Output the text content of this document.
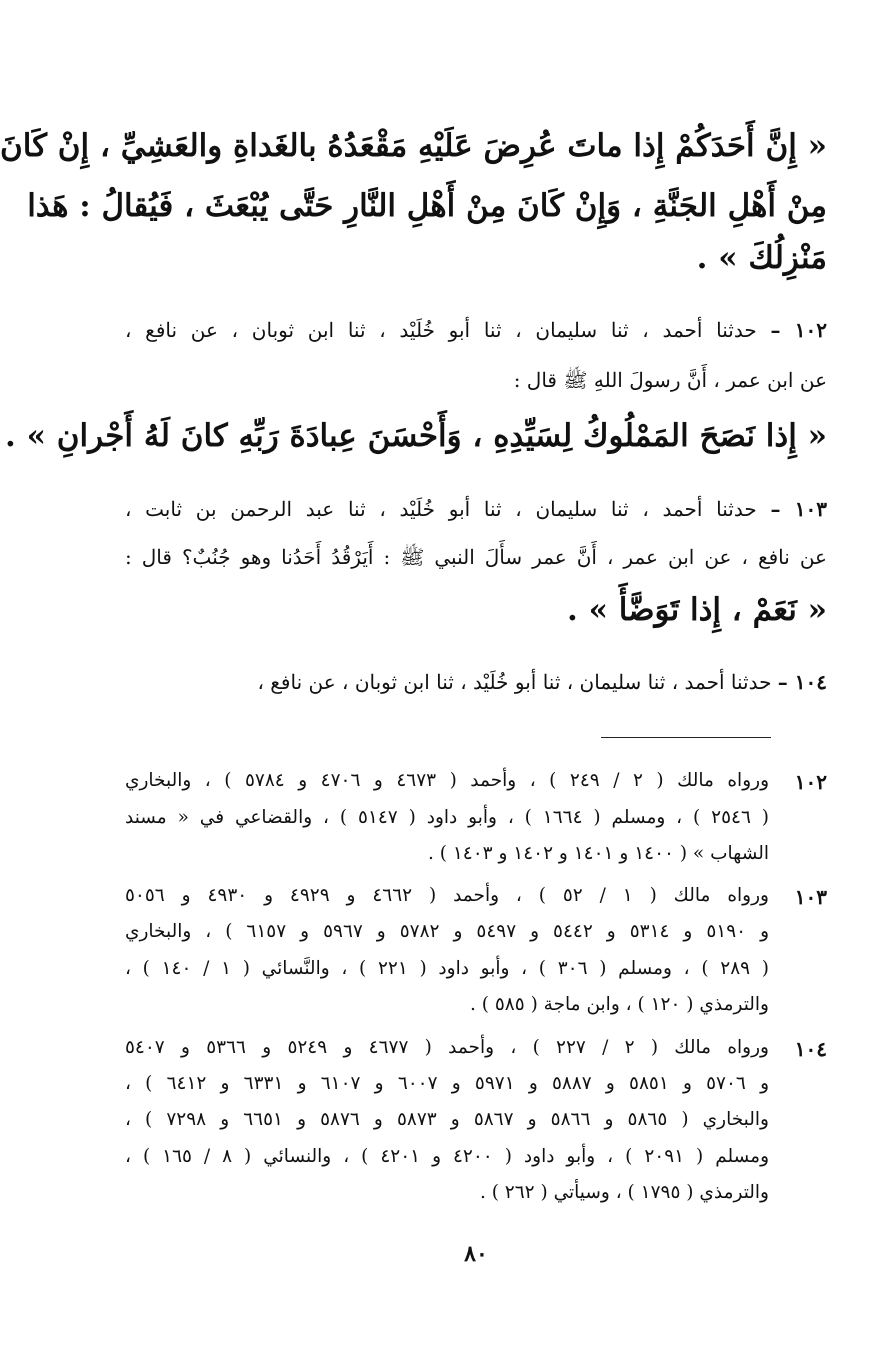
« إِنَّ أَحَدَكُمْ إِذا ماتَ عُرِضَ عَلَيْهِ مَقْعَدُهُ بالغَداةِ والعَشِيِّ ، إِنْ كَانَ
مِنْ أَهْلِ الجَنَّةِ ، وَإِنْ كَانَ مِنْ أَهْلِ النَّارِ حَتَّى يُبْعَثَ ، فَيُقالُ : هَذا
مَنْزِلُكَ » .
١٠٢ – حدثنا أحمد ، ثنا سليمان ، ثنا أبو خُلَيْد ، ثنا ابن ثوبان ، عن نافع ،
عن ابن عمر ، أَنَّ رسولَ اللهِ ﷺ قال :
« إِذا نَصَحَ المَمْلُوكُ لِسَيِّدِهِ ، وَأَحْسَنَ عِبادَةَ رَبِّهِ كانَ لَهُ أَجْرانِ » .
١٠٣ – حدثنا أحمد ، ثنا سليمان ، ثنا أبو خُلَيْد ، ثنا عبد الرحمن بن ثابت ،
عن نافع ، عن ابن عمر ، أَنَّ عمر سأَلَ النبي ﷺ : أَيَرْقُدُ أَحَدُنا وهو جُنُبٌ؟ قال :
« نَعَمْ ، إِذا تَوَضَّأَ » .
١٠٤ – حدثنا أحمد ، ثنا سليمان ، ثنا أبو خُلَيْد ، ثنا ابن ثوبان ، عن نافع ،
١٠٢
ورواه مالك ( ٢ / ٢٤٩ ) ، وأحمد ( ٤٦٧٣ و ٤٧٠٦ و ٥٧٨٤ ) ، والبخاري
( ٢٥٤٦ ) ، ومسلم ( ١٦٦٤ ) ، وأبو داود ( ٥١٤٧ ) ، والقضاعي في « مسند
الشهاب » ( ١٤٠٠ و ١٤٠١ و ١٤٠٢ و ١٤٠٣ ) .
١٠٣
ورواه مالك ( ١ / ٥٢ ) ، وأحمد ( ٤٦٦٢ و ٤٩٢٩ و ٤٩٣٠ و ٥٠٥٦
و ٥١٩٠ و ٥٣١٤ و ٥٤٤٢ و ٥٤٩٧ و ٥٧٨٢ و ٥٩٦٧ و ٦١٥٧ ) ، والبخاري
( ٢٨٩ ) ، ومسلم ( ٣٠٦ ) ، وأبو داود ( ٢٢١ ) ، والنَّسائي ( ١ / ١٤٠ ) ،
والترمذي ( ١٢٠ ) ، وابن ماجة ( ٥٨٥ ) .
١٠٤
ورواه مالك ( ٢ / ٢٢٧ ) ، وأحمد ( ٤٦٧٧ و ٥٢٤٩ و ٥٣٦٦ و ٥٤٠٧
و ٥٧٠٦ و ٥٨٥١ و ٥٨٨٧ و ٥٩٧١ و ٦٠٠٧ و ٦١٠٧ و ٦٣٣١ و ٦٤١٢ ) ،
والبخاري ( ٥٨٦٥ و ٥٨٦٦ و ٥٨٦٧ و ٥٨٧٣ و ٥٨٧٦ و ٦٦٥١ و ٧٢٩٨ ) ،
ومسلم ( ٢٠٩١ ) ، وأبو داود ( ٤٢٠٠ و ٤٢٠١ ) ، والنسائي ( ٨ / ١٦٥ ) ،
والترمذي ( ١٧٩٥ ) ، وسيأتي ( ٢٦٢ ) .
٨٠
